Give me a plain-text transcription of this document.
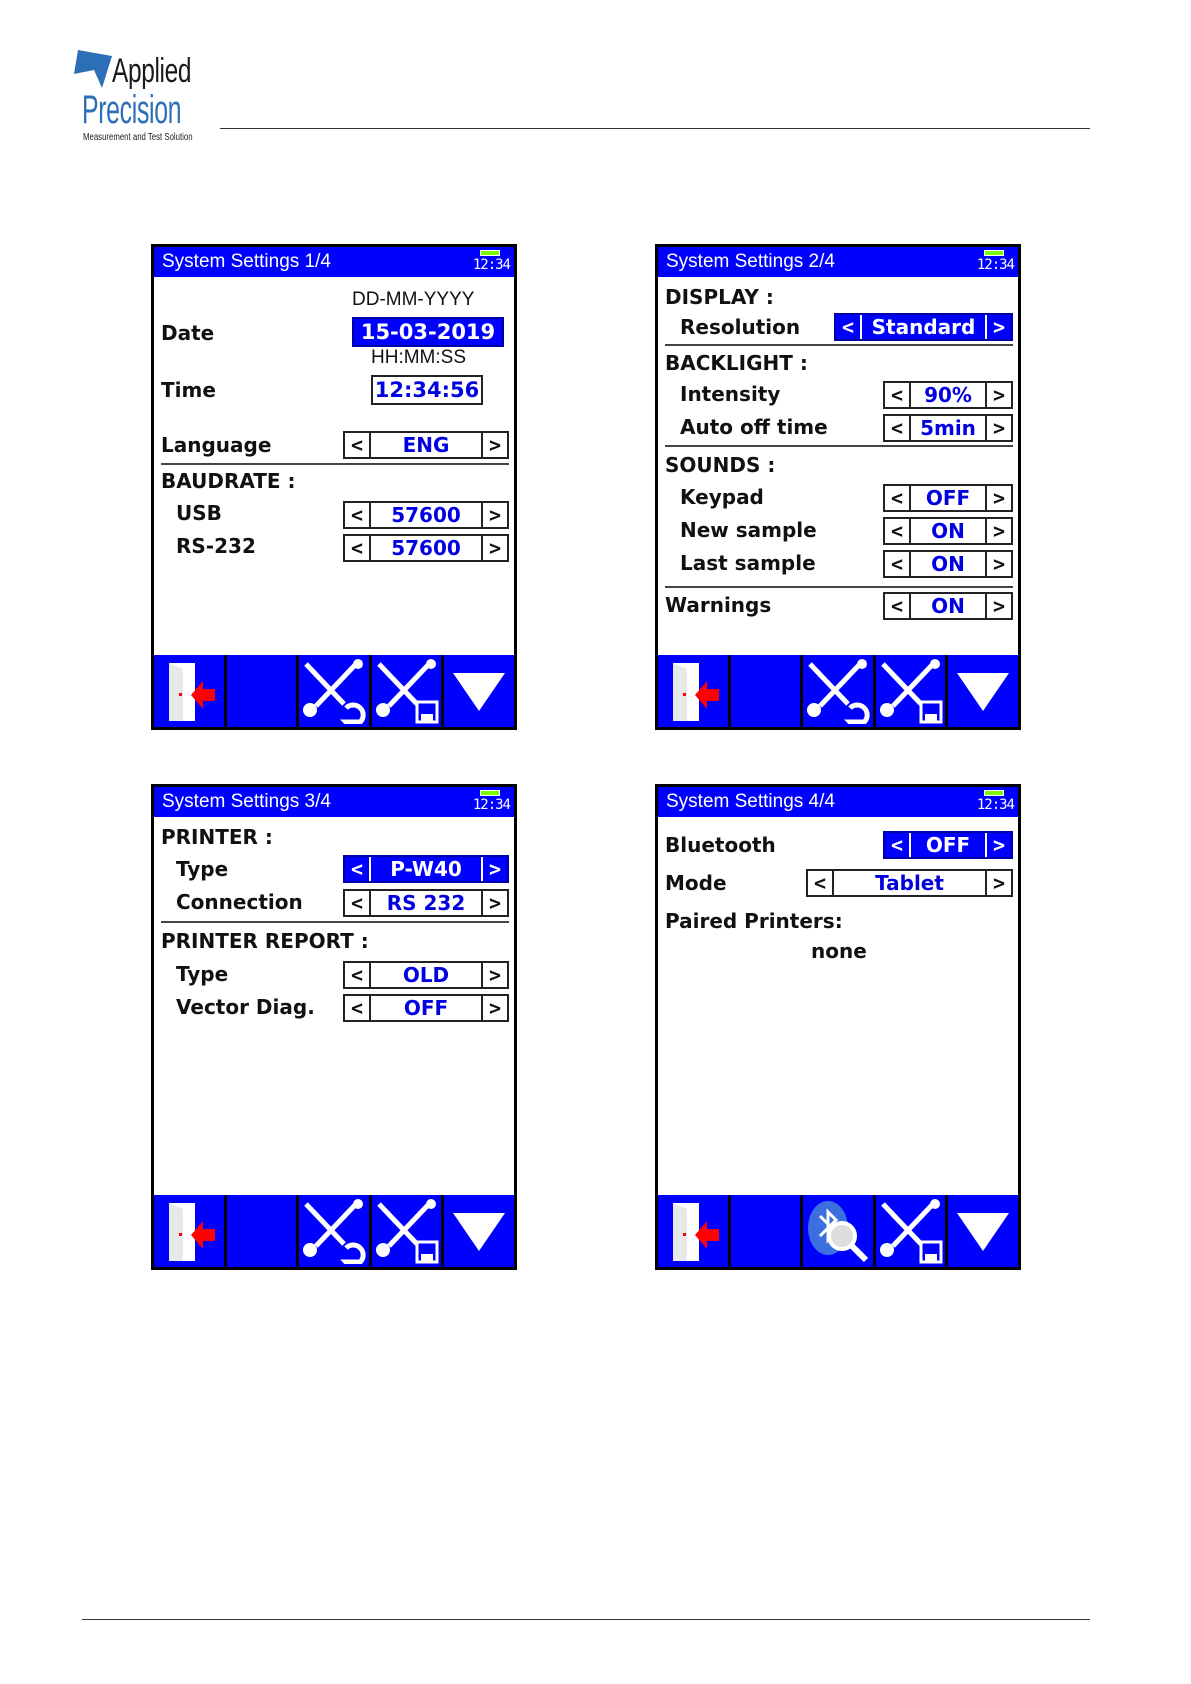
Applied
Precision
Measurement and Test Solution
System Settings 1/4	12:34
DD-MM-YYYY
Date	15-03-2019
HH:MM:SS
Time	12:34:56
Language	<	ENG	>
BAUDRATE :
USB	<	57600	>
RS-232	<	57600	>
System Settings 2/4	12:34
DISPLAY :
Resolution < Standard >
BACKLIGHT :
Intensity	<	90%	>
Auto off time	< 5min >
SOUNDS :
Keypad	<	OFF	>
New sample	<	ON	>
Last sample	<	ON	>
Warnings	<	ON	>
System Settings 3/4	12:34
PRINTER :
Type	<	P-W40	>
Connection <	RS 232	>
PRINTER REPORT :
Type	<	OLD	>
Vector Diag. <	OFF	>
System Settings 4/4	12:34
Bluetooth	<	OFF	>
Mode	<	Tablet	>
Paired Printers:
none
